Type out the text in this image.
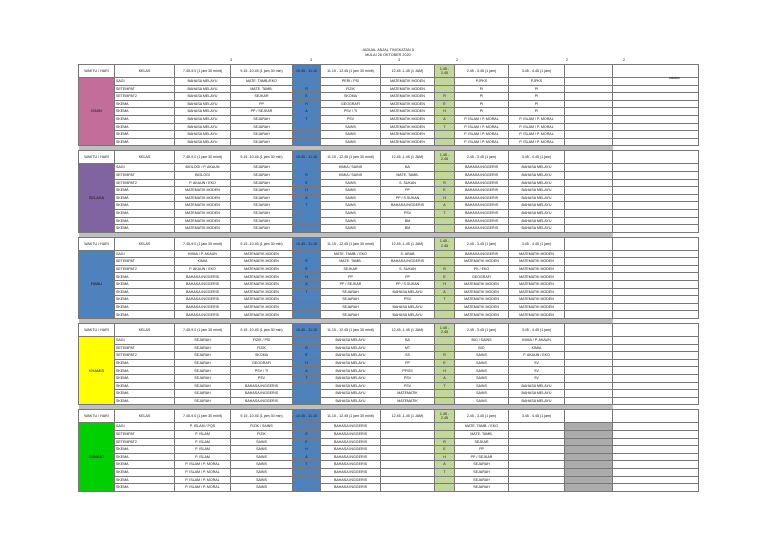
JADUAL ANJAL TINGKATAN 5
MULAI 26 OKTOBER 2020
3	3	3	2	2	2
WAKTU / HARI	KELAS	7.45-9.0 (1 jam 30 minit)	9.15 -10.45 (1 jam 30 min)	10.45 - 11.15	11.15 - 12.45 (1 jam 30 minit)	12.45 -1.45 (1 JAM)	1.45 - 2.45	2.45 - 3.45 (1 jam)	3.45 - 4.45 (1 jam)		
ISNIN	SAGI	BAHASA MELAYU	MATE. TAMB./EKO		PERI / PSI	MATEMATIK MODEN		PJPKS	PJPKS		
	SETEMPAT	BAHASA MELAYU	MATE. TAMB.	R	FIZIK	MATEMATIK MODEN		PI	PI		
	SETEMPAT2	BAHASA MELAYU	SEJKAR	E	SKOMA	MATEMATIK MODEN	R	PI	PI		
	SKEMA	BAHASA MELAYU	PP	H	GEOGRAFI	MATEMATIK MODEN	E	PI	PI		
	SKEMA	BAHASA MELAYU	PP / SEJKAR	A	PSV / TI	MATEMATIK MODEN	H	PI	PI		
	SKEMA	BAHASA MELAYU	SEJARAH	T	PSV	MATEMATIK MODEN	A	P. ISLAM / P. MORAL	P. ISLAM / P. MORAL		
	SKEMA	BAHASA MELAYU	SEJARAH		SAINS	MATEMATIK MODEN	T	P. ISLAM / P. MORAL	P. ISLAM / P. MORAL		
	SKEMA	BAHASA MELAYU	SEJARAH		SAINS	MATEMATIK MODEN		P. ISLAM / P. MORAL	P. ISLAM / P. MORAL		
	SKEMA	BAHASA MELAYU	SEJARAH		SAINS	MATEMATIK MODEN		P. ISLAM / P. MORAL	P. ISLAM / P. MORAL		

WAKTU / HARI	KELAS	7.45-9.0 (1 jam 30 minit)	9.15 -10.45 (1 jam 30 min)	10.45 - 11.15	11.15 - 12.45 (1 jam 30 minit)	12.45 -1.45 (1 JAM)	1.45 - 2.45	2.45 - 3.45 (1 jam)	3.45 - 4.45 (1 jam)		
SELASA	SAGI	BIOLOGI / P. AKAUN	SEJARAH		KIMIA / SAINS	BA		BAHASA INGGERIS	BAHASA MELAYU		
	SETEMPAT	BIOLOGI	SEJARAH	R	KIMIA / SAINS	MATE. TAMB.		BAHASA INGGERIS	BAHASA MELAYU		
	SETEMPAT2	P. AKAUN / EKO	SEJARAH	E	SAINS	S. SUKAN	R	BAHASA INGGERIS	BAHASA MELAYU		
	SKEMA	MATEMATIK MODEN	SEJARAH	H	SAINS	PP	E	BAHASA INGGERIS	BAHASA MELAYU		
	SKEMA	MATEMATIK MODEN	SEJARAH	A	SAINS	PP / S.SUKAN	H	BAHASA INGGERIS	BAHASA MELAYU		
	SKEMA	MATEMATIK MODEN	SEJARAH	T	SAINS	BAHASA INGGERIS	A	BAHASA INGGERIS	BAHASA MELAYU		
	SKEMA	MATEMATIK MODEN	SEJARAH		SAINS	PSV	T	BAHASA INGGERIS	BAHASA MELAYU		
	SKEMA	MATEMATIK MODEN	SEJARAH		SAINS	BM		BAHASA INGGERIS	BAHASA MELAYU		
	SKEMA	MATEMATIK MODEN	SEJARAH		SAINS	BM		BAHASA INGGERIS	BAHASA MELAYU		

WAKTU / HARI	KELAS	7.45-9.0 (1 jam 30 minit)	9.15 -10.45 (1 jam 30 min)	10.45 - 11.15	11.15 - 12.45 (1 jam 30 minit)	12.45 -1.45 (1 JAM)	1.45 - 2.45	2.45 - 3.45 (1 jam)	3.45 - 4.45 (1 jam)		
RABU	SAGI	KIMIA / P. AKAUN	MATEMATIK MODEN		MATE. TAMB. / EKO	S. ARAB		BAHASA INGGERIS	MATEMATIK MODEN		
	SETEMPAT	KIMIA	MATEMATIK MODEN	R	MATE. TAMB.	BAHASA INGGERIS		MATEMATIK MODEN	MATEMATIK MODEN		
	SETEMPAT2	P. AKAUN / EKO	MATEMATIK MODEN	E	SEJKAR	S. SUKAN	R	PK / EKO	MATEMATIK MODEN		
	SKEMA	BAHASA INGGERIS	MATEMATIK MODEN	H	PP	PP	E	GEOGRAFI	MATEMATIK MODEN		
	SKEMA	BAHASA INGGERIS	MATEMATIK MODEN	A	PP / SEJKAR	PP / S.SUKAN	H	MATEMATIK MODEN	MATEMATIK MODEN		
	SKEMA	BAHASA INGGERIS	MATEMATIK MODEN	T	SEJARAH	BAHASA MELAYU	A	MATEMATIK MODEN	MATEMATIK MODEN		
	SKEMA	BAHASA INGGERIS	MATEMATIK MODEN		SEJARAH	PSV	T	MATEMATIK MODEN	MATEMATIK MODEN		
	SKEMA	BAHASA INGGERIS	MATEMATIK MODEN		SEJARAH	BAHASA MELAYU		MATEMATIK MODEN	MATEMATIK MODEN		
	SKEMA	BAHASA INGGERIS	MATEMATIK MODEN		SEJARAH	BAHASA MELAYU		MATEMATIK MODEN	MATEMATIK MODEN		

WAKTU / HARI	KELAS	7.45-9.0 (1 jam 30 minit)	9.15 -10.45 (1 jam 30 min)	10.45 - 11.15	11.15 - 12.45 (1 jam 30 minit)	12.45 -1.45 (1 JAM)	1.45 - 2.45	2.45 - 3.45 (1 jam)	3.45 - 4.45 (1 jam)		
KHAMIS	SAGI	SEJARAH	FIZIK / PSI		BAHASA MELAYU	BA		BIO / SAINS	KIMIA / P. AKAUN		
	SETEMPAT	SEJARAH	FIZIK	R	BAHASA MELAYU	MT		BIO	KIMIA		
	SETEMPAT2	SEJARAH	SKOMA	E	BAHASA MELAYU	SS	R	SAINS	P. AKAUN / EKO		
	SKEMA	SEJARAH	GEOGRAFI	H	BAHASA MELAYU	PP	E	SAINS	SV		
	SKEMA	SEJARAH	PSV / TI	A	BAHASA MELAYU	PP/SS	H	SAINS	SV		
	SKEMA	SEJARAH	PSV	T	BAHASA MELAYU	PSV	A	SAINS	SV		
	SKEMA	SEJARAH	BAHASA INGGERIS		BAHASA MELAYU	PSV	T	SAINS	BAHASA MELAYU		
	SKEMA	SEJARAH	BAHASA INGGERIS		BAHASA MELAYU	MATEMATIK		SAINS	BAHASA MELAYU		
	SKEMA	SEJARAH	BAHASA INGGERIS		BAHASA MELAYU	MATEMATIK		SAINS	BAHASA MELAYU		

WAKTU / HARI	KELAS	7.45-9.0 (1 jam 30 minit)	9.15 -10.45 (1 jam 30 min)	10.45 - 11.15	11.15 - 12.45 (1 jam 30 minit)	12.45 -1.45 (1 JAM)	1.45 - 2.45	2.45 - 3.45 (1 jam)	3.45 - 4.45 (1 jam)		
JUMAAT	SAGI	P. ISLAM / PQS	FIZIK / SAINS		BAHASA INGGERIS			MATE. TAMB. / EKO			
	SETEMPAT	P. ISLAM	FIZIK	R	BAHASA INGGERIS			MATE. TAMB.			
	SETEMPAT2	P. ISLAM	SAINS	E	BAHASA INGGERIS		R	SEJKAR			
	SKEMA	P. ISLAM	SAINS	H	BAHASA INGGERIS		E	PP			
	SKEMA	P. ISLAM	SAINS	A	BAHASA INGGERIS		H	PP / SEJKAR			
	SKEMA	P. ISLAM / P. MORAL	SAINS	T	BAHASA INGGERIS		A	SEJARAH			
	SKEMA	P. ISLAM / P. MORAL	SAINS		BAHASA INGGERIS		T	SEJARAH			
	SKEMA	P. ISLAM / P. MORAL	SAINS		BAHASA INGGERIS			SEJARAH			
	SKEMA	P. ISLAM / P. MORAL	SAINS		BAHASA INGGERIS			SEJARAH			
catatan
